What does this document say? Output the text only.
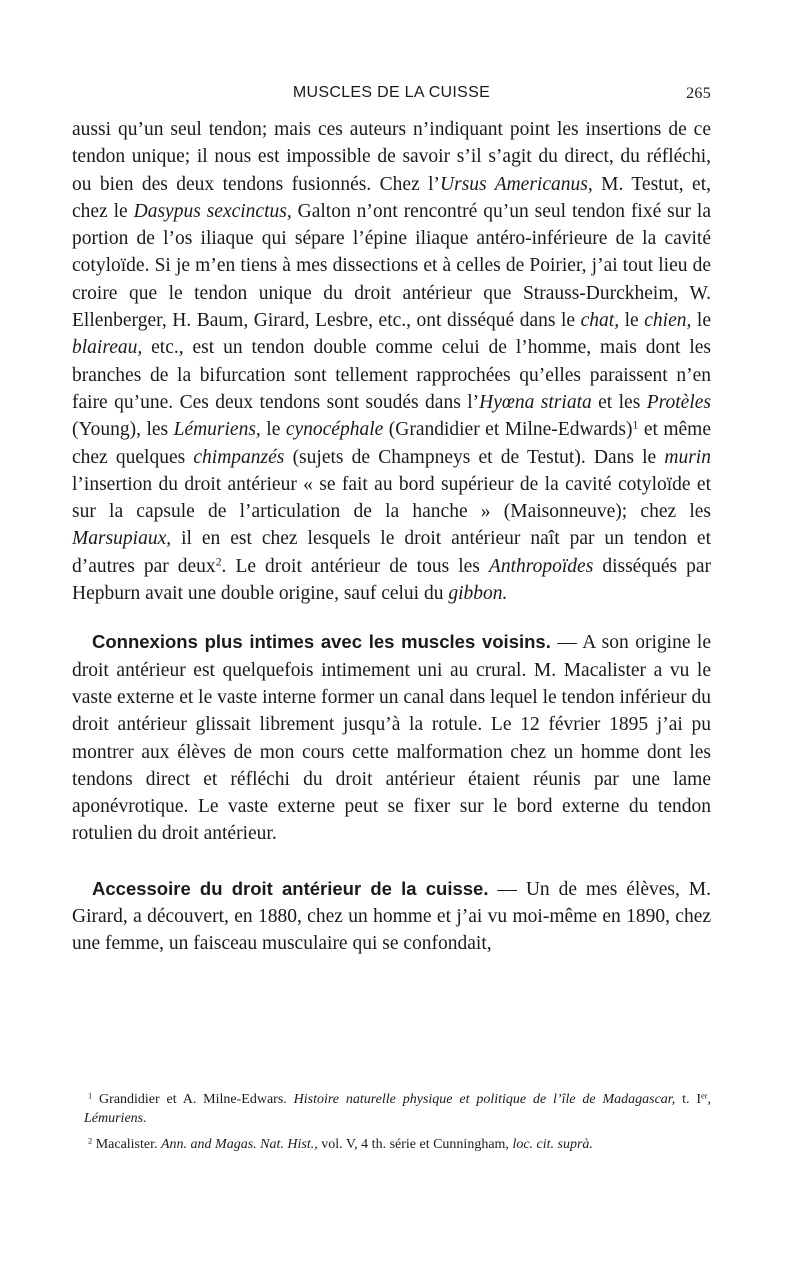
MUSCLES DE LA CUISSE	265

aussi qu’un seul tendon; mais ces auteurs n’indiquant point les insertions de ce tendon unique; il nous est impossible de savoir s’il s’agit du direct, du réfléchi, ou bien des deux tendons fusionnés. Chez l’Ursus Americanus, M. Testut, et, chez le Dasypus sexcinctus, Galton n’ont rencontré qu’un seul tendon fixé sur la portion de l’os iliaque qui sépare l’épine iliaque antéro-inférieure de la cavité cotyloïde. Si je m’en tiens à mes dissections et à celles de Poirier, j’ai tout lieu de croire que le tendon unique du droit antérieur que Strauss-Durckheim, W. Ellenberger, H. Baum, Girard, Lesbre, etc., ont disséqué dans le chat, le chien, le blaireau, etc., est un tendon double comme celui de l’homme, mais dont les branches de la bifurcation sont tellement rapprochées qu’elles paraissent n’en faire qu’une. Ces deux tendons sont soudés dans l’Hyœna striata et les Protèles (Young), les Lémuriens, le cynocéphale (Grandidier et Milne-Edwards)$^1$ et même chez quelques chimpanzés (sujets de Champneys et de Testut). Dans le murin l’insertion du droit antérieur « se fait au bord supérieur de la cavité cotyloïde et sur la capsule de l’articulation de la hanche » (Maisonneuve); chez les Marsupiaux, il en est chez lesquels le droit antérieur naît par un tendon et d’autres par deux$^2$. Le droit antérieur de tous les Anthropoïdes disséqués par Hepburn avait une double origine, sauf celui du gibbon.

Connexions plus intimes avec les muscles voisins. — A son origine le droit antérieur est quelquefois intimement uni au crural. M. Macalister a vu le vaste externe et le vaste interne former un canal dans lequel le tendon inférieur du droit antérieur glissait librement jusqu’à la rotule. Le 12 février 1895 j’ai pu montrer aux élèves de mon cours cette malformation chez un homme dont les tendons direct et réfléchi du droit antérieur étaient réunis par une lame aponévrotique. Le vaste externe peut se fixer sur le bord externe du tendon rotulien du droit antérieur.

Accessoire du droit antérieur de la cuisse. — Un de mes élèves, M. Girard, a découvert, en 1880, chez un homme et j’ai vu moi-même en 1890, chez une femme, un faisceau musculaire qui se confondait,

$^1$ Grandidier et A. Milne-Edwars. Histoire naturelle physique et politique de l’île de Madagascar, t. Ier, Lémuriens.

$^2$ Macalister. Ann. and Magas. Nat. Hist., vol. V, 4 th. série et Cunningham, loc. cit. suprà.
